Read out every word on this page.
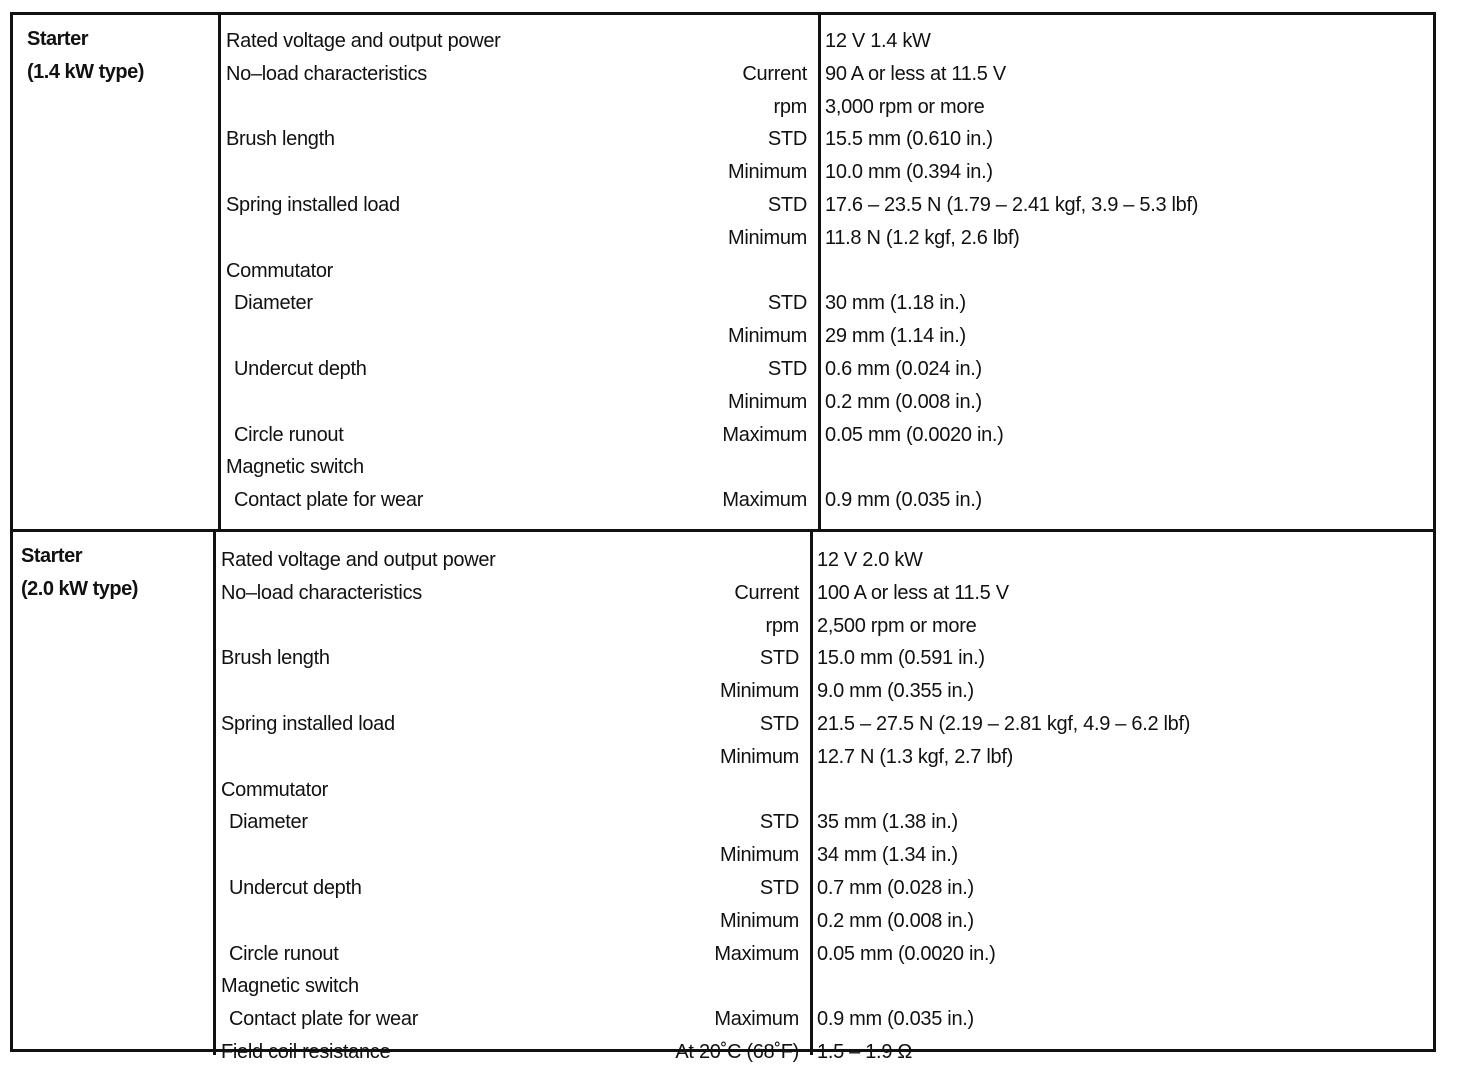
Starter
(1.4 kW type)
Rated voltage and output power	12 V 1.4 kW
No–load characteristics	Current 90 A or less at 11.5 V
rpm 3,000 rpm or more
Brush length	STD 15.5 mm (0.610 in.)
Minimum 10.0 mm (0.394 in.)
Spring installed load	STD 17.6 – 23.5 N (1.79 – 2.41 kgf, 3.9 – 5.3 lbf)
Minimum 11.8 N (1.2 kgf, 2.6 lbf)
Commutator
Diameter	STD 30 mm (1.18 in.)
Minimum 29 mm (1.14 in.)
Undercut depth	STD 0.6 mm (0.024 in.)
Minimum 0.2 mm (0.008 in.)
Circle runout	Maximum 0.05 mm (0.0020 in.)
Magnetic switch
Contact plate for wear	Maximum 0.9 mm (0.035 in.)
Starter
(2.0 kW type)
Rated voltage and output power	12 V 2.0 kW
No–load characteristics	Current 100 A or less at 11.5 V
rpm 2,500 rpm or more
Brush length	STD 15.0 mm (0.591 in.)
Minimum 9.0 mm (0.355 in.)
Spring installed load	STD 21.5 – 27.5 N (2.19 – 2.81 kgf, 4.9 – 6.2 lbf)
Minimum 12.7 N (1.3 kgf, 2.7 lbf)
Commutator
Diameter	STD 35 mm (1.38 in.)
Minimum 34 mm (1.34 in.)
Undercut depth	STD 0.7 mm (0.028 in.)
Minimum 0.2 mm (0.008 in.)
Circle runout	Maximum 0.05 mm (0.0020 in.)
Magnetic switch
Contact plate for wear	Maximum 0.9 mm (0.035 in.)
Field coil resistance	At 20˚C (68˚F) 1.5 – 1.9 Ω
